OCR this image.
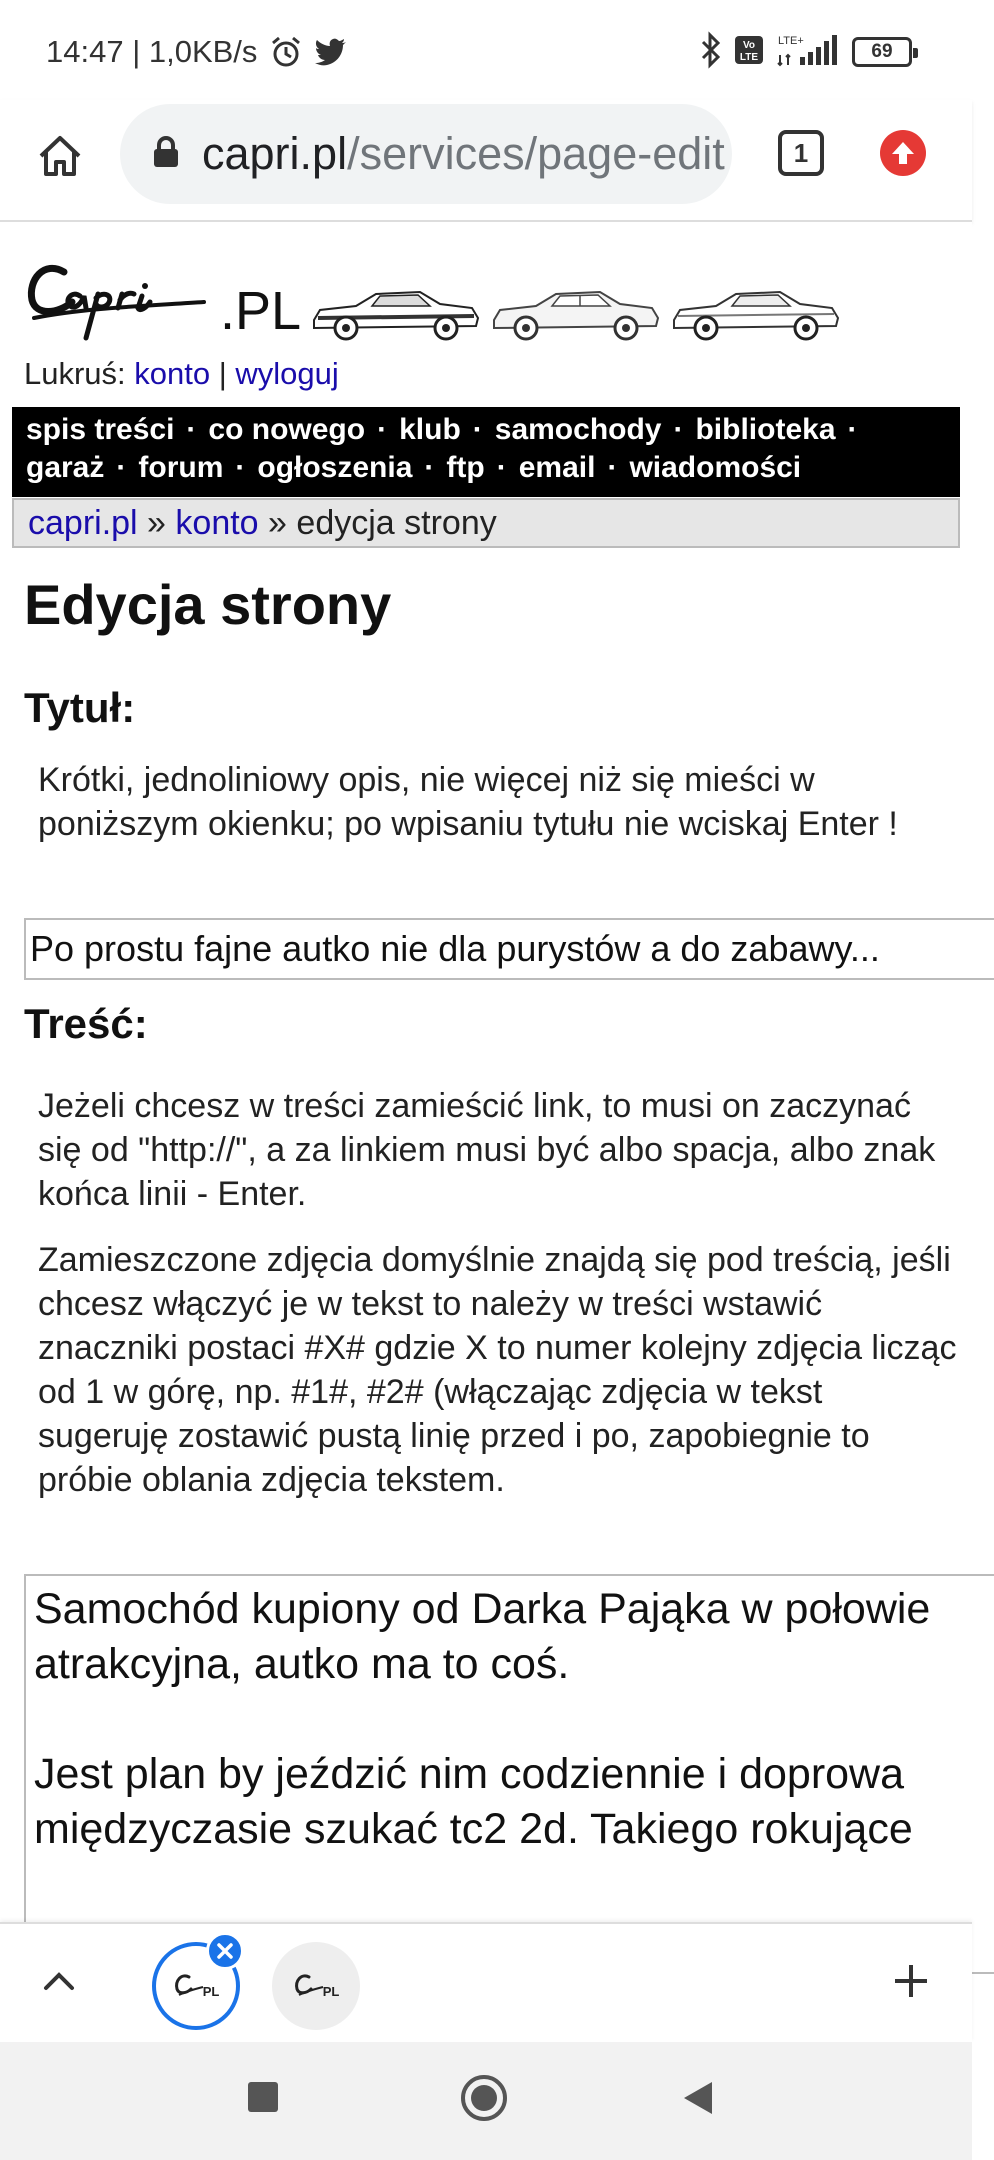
14:47 | 1,0KB/s	Vo
LTE
LTE+
69
capri.pl/services/page-edit	1
.PL
Lukruś: konto | wyloguj
spis treści · co nowego · klub · samochody · biblioteka ·
garaż · forum · ogłoszenia · ftp · email · wiadomości
capri.pl » konto » edycja strony
Edycja strony
Tytuł:

Krótki, jednoliniowy opis, nie więcej niż się mieści w poniższym okienku; po wpisaniu tytułu nie wciskaj Enter !

Po prostu fajne autko nie dla purystów a do zabawy...
Treść:

Jeżeli chcesz w treści zamieścić link, to musi on zaczynać się od "http://", a za linkiem musi być albo spacja, albo znak końca linii - Enter.

Zamieszczone zdjęcia domyślnie znajdą się pod treścią, jeśli chcesz włączyć je w tekst to należy w treści wstawić znaczniki postaci #X# gdzie X to numer kolejny zdjęcia licząc od 1 w górę, np. #1#, #2# (włączając zdjęcia w tekst sugeruję zostawić pustą linię przed i po, zapobiegnie to próbie oblania zdjęcia tekstem.

Samochód kupiony od Darka Pająka w połowie
atrakcyjna, autko ma to coś.

Jest plan by jeździć nim codziennie i doprowa
międzyczasie szukać tc2 2d. Takiego rokujące

PL	PL
